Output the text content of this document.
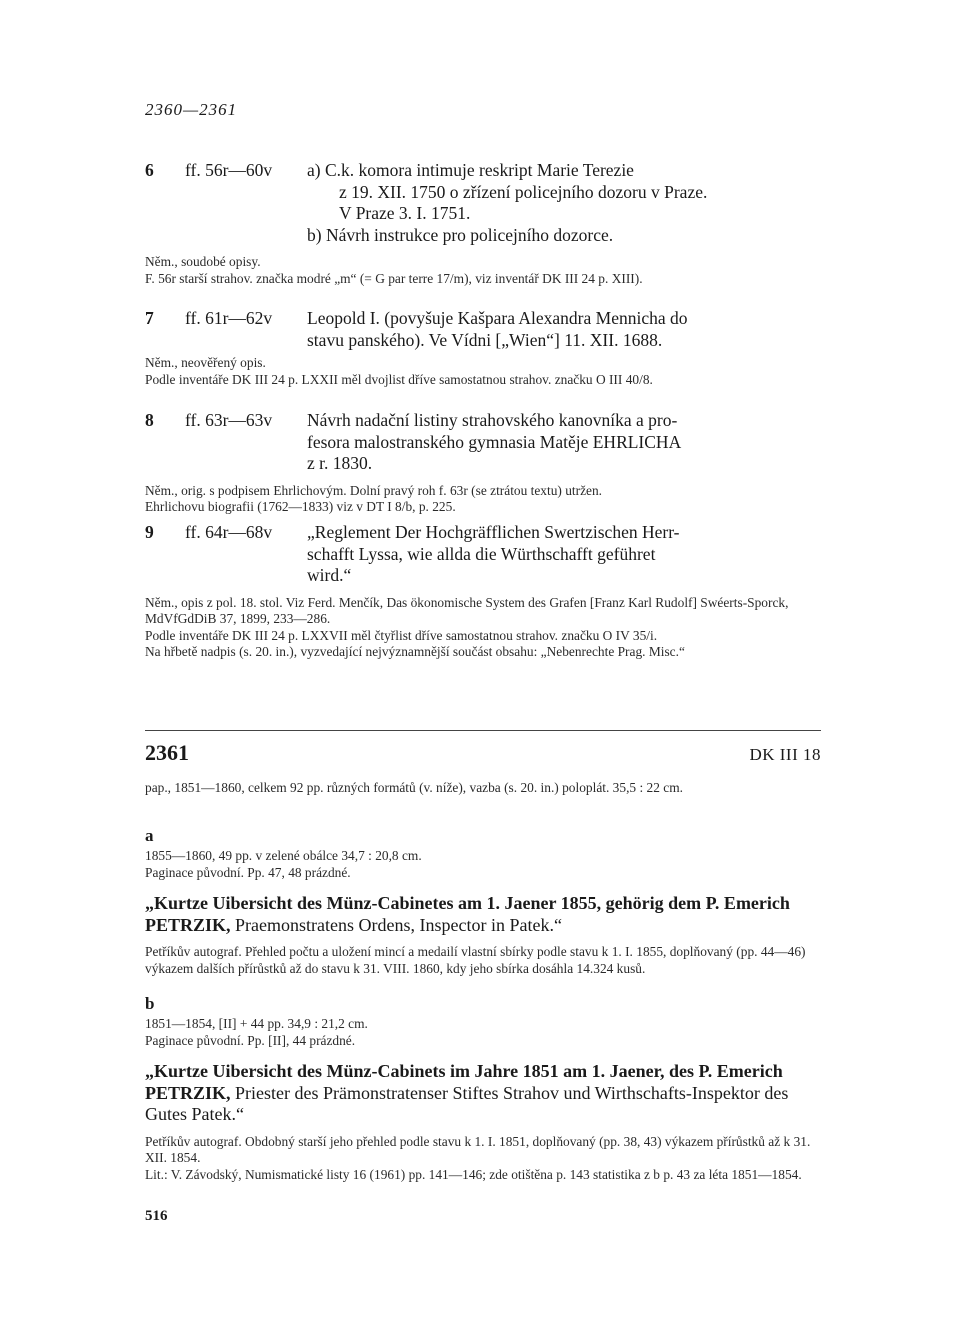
2360—2361
6	ff. 56r—60v	a) C.k. komora intimuje reskript Marie Terezie
z 19. XII. 1750 o zřízení policejního dozoru v Praze.
V Praze 3. I. 1751.
b) Návrh instrukce pro policejního dozorce.

Něm., soudobé opisy.

F. 56r starší strahov. značka modré „m“ (= G par terre 17/m), viz inventář DK III 24 p. XIII).

7	ff. 61r—62v	Leopold I. (povyšuje Kašpara Alexandra Mennicha do
stavu panského). Ve Vídni [„Wien“] 11. XII. 1688.

Něm., neověřený opis.

Podle inventáře DK III 24 p. LXXII měl dvojlist dříve samostatnou strahov. značku O III 40/8.

8	ff. 63r—63v	Návrh nadační listiny strahovského kanovníka a pro-
fesora malostranského gymnasia Matěje EHRLICHA
z r. 1830.

Něm., orig. s podpisem Ehrlichovým. Dolní pravý roh f. 63r (se ztrátou textu) utržen.

Ehrlichovu biografii (1762—1833) viz v DT I 8/b, p. 225.

9	ff. 64r—68v	„Reglement Der Hochgräfflichen Swertzischen Herr-
schafft Lyssa, wie allda die Würthschafft geführet
wird.“

Něm., opis z pol. 18. stol. Viz Ferd. Menčík, Das ökonomische System des Grafen [Franz Karl Rudolf] Swéerts-Sporck, MdVfGdDiB 37, 1899, 233—286.

Podle inventáře DK III 24 p. LXXVII měl čtyřlist dříve samostatnou strahov. značku O IV 35/i.

Na hřbetě nadpis (s. 20. in.), vyzvedající nejvýznamnější součást obsahu: „Nebenrechte Prag. Misc.“

2361	DK III 18

pap., 1851—1860, celkem 92 pp. různých formátů (v. níže), vazba (s. 20. in.) poloplát. 35,5 : 22 cm.

a

1855—1860, 49 pp. v zelené obálce 34,7 : 20,8 cm.

Paginace původní. Pp. 47, 48 prázdné.

„Kurtze Uibersicht des Münz-Cabinetes am 1. Jaener 1855, gehörig dem P. Emerich PETRZIK, Praemonstratens Ordens, Inspector in Patek.“

Petříkův autograf. Přehled počtu a uložení mincí a medailí vlastní sbírky podle stavu k 1. I. 1855, doplňovaný (pp. 44—46) výkazem dalších přírůstků až do stavu k 31. VIII. 1860, kdy jeho sbírka dosáhla 14.324 kusů.

b

1851—1854, [II] + 44 pp. 34,9 : 21,2 cm.

Paginace původní. Pp. [II], 44 prázdné.

„Kurtze Uibersicht des Münz-Cabinets im Jahre 1851 am 1. Jaener, des P. Emerich PETRZIK, Priester des Prämonstratenser Stiftes Strahov und Wirthschafts-Inspektor des Gutes Patek.“

Petříkův autograf. Obdobný starší jeho přehled podle stavu k 1. I. 1851, doplňovaný (pp. 38, 43) výkazem přírůstků až k 31. XII. 1854.

Lit.: V. Závodský, Numismatické listy 16 (1961) pp. 141—146; zde otištěna p. 143 statistika z b p. 43 za léta 1851—1854.

516
